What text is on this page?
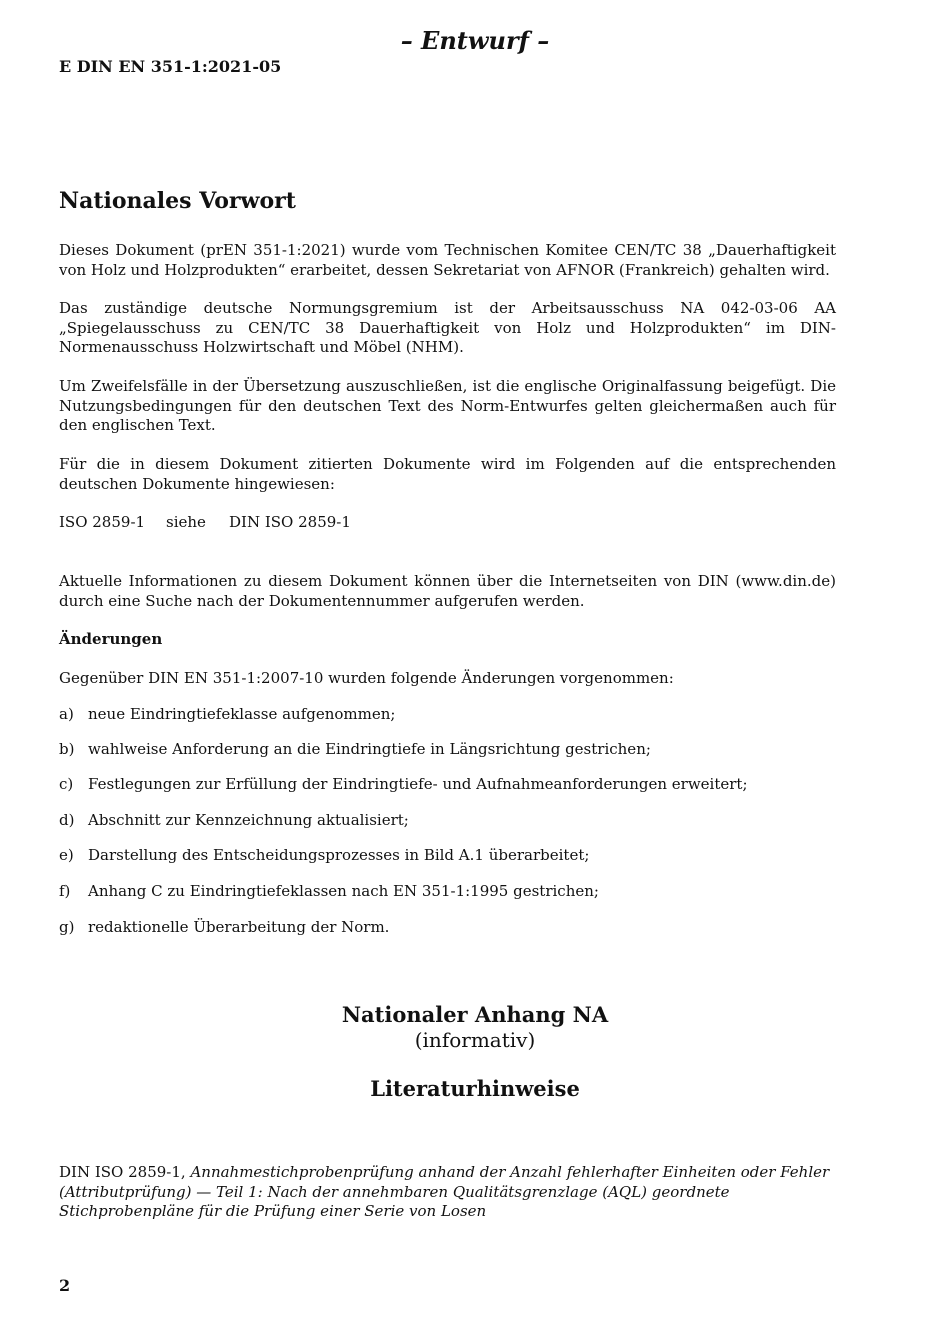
– Entwurf –
E DIN EN 351-1:2021-05
Nationales Vorwort
Dieses Dokument (prEN 351-1:2021) wurde vom Technischen Komitee CEN/TC 38 „Dauerhaftigkeit von Holz und Holzprodukten“ erarbeitet, dessen Sekretariat von AFNOR (Frankreich) gehalten wird.
Das zuständige deutsche Normungsgremium ist der Arbeitsausschuss NA 042-03-06 AA „Spiegelausschuss zu CEN/TC 38 Dauerhaftigkeit von Holz und Holzprodukten“ im DIN-Normenausschuss Holzwirtschaft und Möbel (NHM).
Um Zweifelsfälle in der Übersetzung auszuschließen, ist die englische Originalfassung beigefügt. Die Nutzungsbedingungen für den deutschen Text des Norm-Entwurfes gelten gleichermaßen auch für den englischen Text.
Für die in diesem Dokument zitierten Dokumente wird im Folgenden auf die entsprechenden deutschen Dokumente hingewiesen:
ISO 2859-1 siehe DIN ISO 2859-1
Aktuelle Informationen zu diesem Dokument können über die Internetseiten von DIN (www.din.de) durch eine Suche nach der Dokumentennummer aufgerufen werden.
Änderungen
Gegenüber DIN EN 351-1:2007-10 wurden folgende Änderungen vorgenommen:
a) neue Eindringtiefeklasse aufgenommen;
b) wahlweise Anforderung an die Eindringtiefe in Längsrichtung gestrichen;
c) Festlegungen zur Erfüllung der Eindringtiefe- und Aufnahmeanforderungen erweitert;
d) Abschnitt zur Kennzeichnung aktualisiert;
e) Darstellung des Entscheidungsprozesses in Bild A.1 überarbeitet;
f) Anhang C zu Eindringtiefeklassen nach EN 351-1:1995 gestrichen;
g) redaktionelle Überarbeitung der Norm.
Nationaler Anhang NA
(informativ)
Literaturhinweise
DIN ISO 2859-1, Annahmestichprobenprüfung anhand der Anzahl fehlerhafter Einheiten oder Fehler (Attributprüfung) — Teil 1: Nach der annehmbaren Qualitätsgrenzlage (AQL) geordnete Stichprobenpläne für die Prüfung einer Serie von Losen
2
